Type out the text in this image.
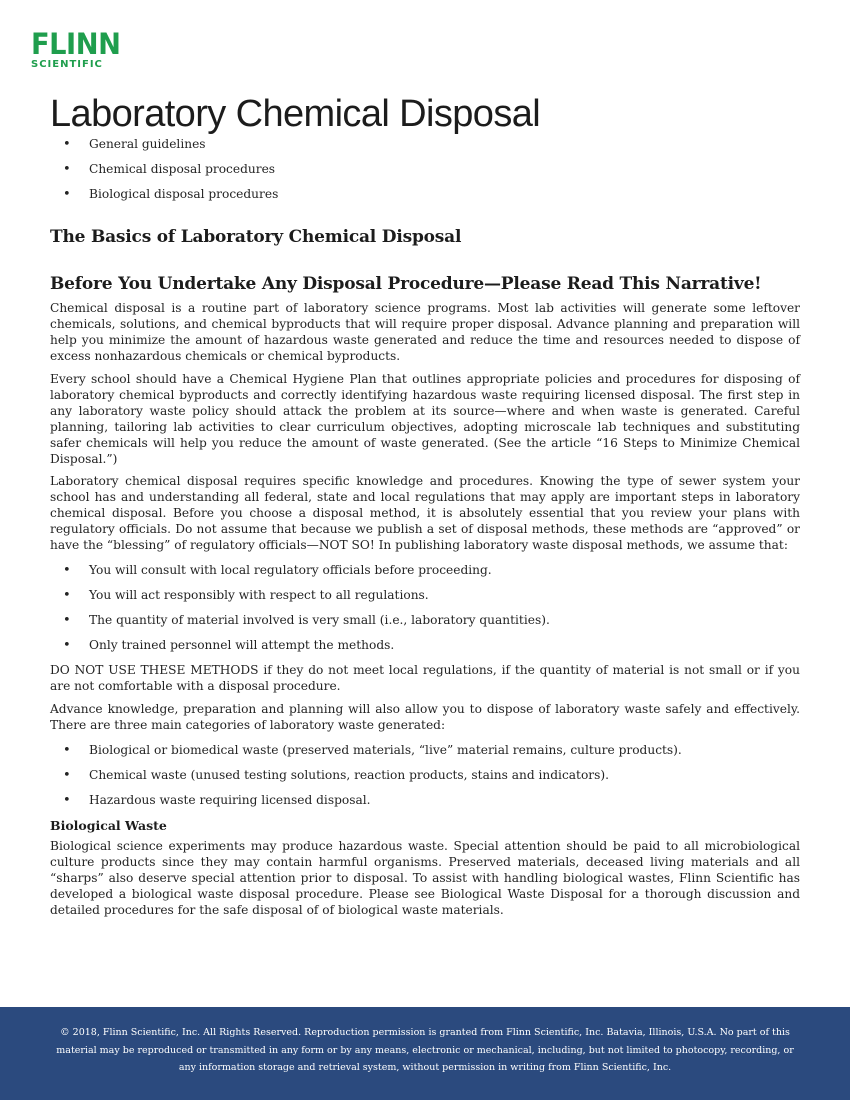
FLINN
SCIENTIFIC
Laboratory Chemical Disposal
• General guidelines
• Chemical disposal procedures
• Biological disposal procedures
The Basics of Laboratory Chemical Disposal
Before You Undertake Any Disposal Procedure—Please Read This Narrative!

Chemical disposal is a routine part of laboratory science programs. Most lab activities will generate some leftover chemicals, solutions, and chemical byproducts that will require proper disposal. Advance planning and preparation will help you minimize the amount of hazardous waste generated and reduce the time and resources needed to dispose of excess nonhazardous chemicals or chemical byproducts.

Every school should have a Chemical Hygiene Plan that outlines appropriate policies and procedures for disposing of laboratory chemical byproducts and correctly identifying hazardous waste requiring licensed disposal. The first step in any laboratory waste policy should attack the problem at its source—where and when waste is generated. Careful planning, tailoring lab activities to clear curriculum objectives, adopting microscale lab techniques and substituting safer chemicals will help you reduce the amount of waste generated. (See the article “16 Steps to Minimize Chemical Disposal.”)

Laboratory chemical disposal requires specific knowledge and procedures. Knowing the type of sewer system your school has and understanding all federal, state and local regulations that may apply are important steps in laboratory chemical disposal. Before you choose a disposal method, it is absolutely essential that you review your plans with regulatory officials. Do not assume that because we publish a set of disposal methods, these methods are “approved” or have the “blessing” of regulatory officials—NOT SO! In publishing laboratory waste disposal methods, we assume that:

• You will consult with local regulatory officials before proceeding.
• You will act responsibly with respect to all regulations.
• The quantity of material involved is very small (i.e., laboratory quantities).
• Only trained personnel will attempt the methods.

DO NOT USE THESE METHODS if they do not meet local regulations, if the quantity of material is not small or if you are not comfortable with a disposal procedure.

Advance knowledge, preparation and planning will also allow you to dispose of laboratory waste safely and effectively. There are three main categories of laboratory waste generated:

• Biological or biomedical waste (preserved materials, “live” material remains, culture products).
• Chemical waste (unused testing solutions, reaction products, stains and indicators).
• Hazardous waste requiring licensed disposal.
Biological Waste

Biological science experiments may produce hazardous waste. Special attention should be paid to all microbiological culture products since they may contain harmful organisms. Preserved materials, deceased living materials and all “sharps” also deserve special attention prior to disposal. To assist with handling biological wastes, Flinn Scientific has developed a biological waste disposal procedure. Please see Biological Waste Disposal for a thorough discussion and detailed procedures for the safe disposal of of biological waste materials.

© 2018, Flinn Scientific, Inc. All Rights Reserved. Reproduction permission is granted from Flinn Scientific, Inc. Batavia, Illinois, U.S.A. No part of this material may be reproduced or transmitted in any form or by any means, electronic or mechanical, including, but not limited to photocopy, recording, or any information storage and retrieval system, without permission in writing from Flinn Scientific, Inc.
